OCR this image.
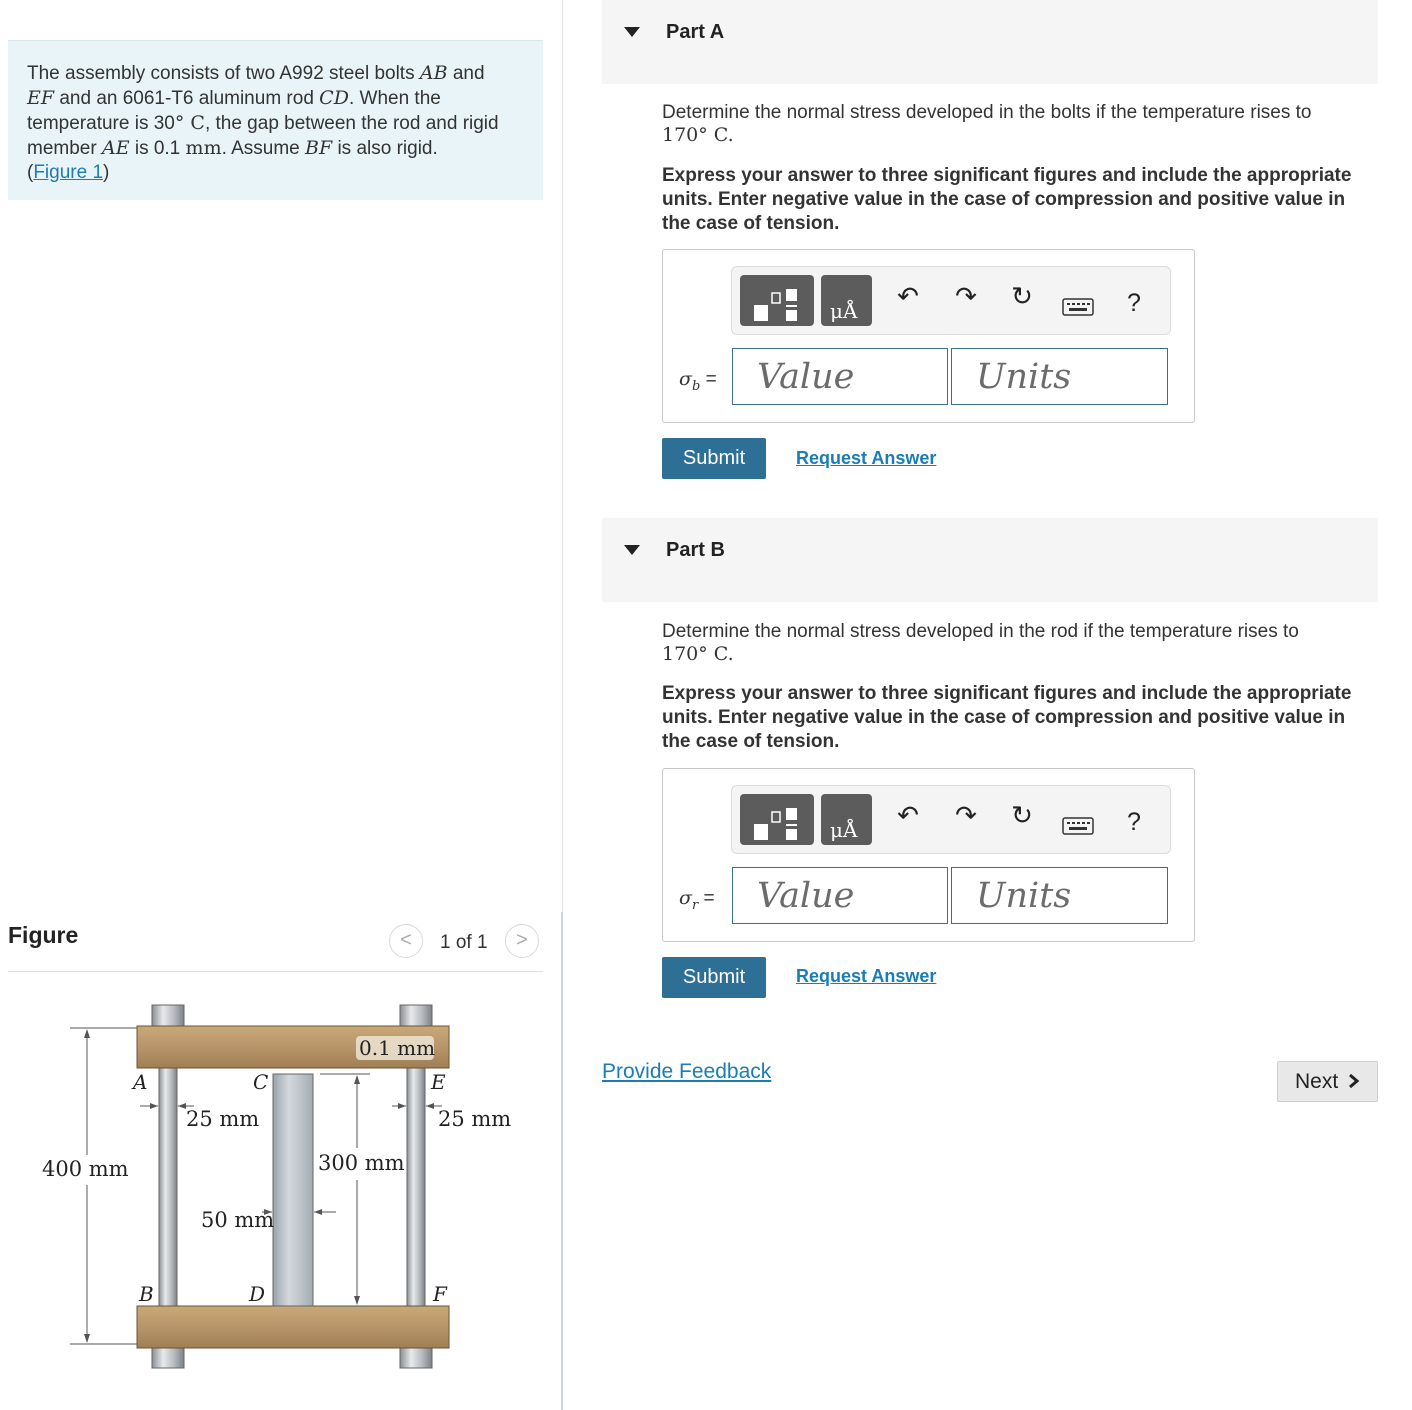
The assembly consists of two A992 steel bolts AB and
EF and an 6061-T6 aluminum rod CD. When the temperature is 30° C, the gap between the rod and rigid member AE is 0.1 mm. Assume BF is also rigid.
(Figure 1)
Figure	<	1 of 1	>
0.1 mm
A	C	E
25 mm	25 mm
400 mm	300 mm
50 mm
B	D	F
Part A
Determine the normal stress developed in the bolts if the temperature rises to
170° C.
Express your answer to three significant figures and include the appropriate units. Enter negative value in the case of compression and positive value in the case of tension.
μÅ ↶ ↷ ↻	?
$\sigma_b$ =
Value
Units
Submit	Request Answer
Part B
Determine the normal stress developed in the rod if the temperature rises to
170° C.
Express your answer to three significant figures and include the appropriate units. Enter negative value in the case of compression and positive value in the case of tension.
μÅ ↶ ↷ ↻	?
$\sigma_r$ =
Value
Units
Submit	Request Answer
Provide Feedback	Next
